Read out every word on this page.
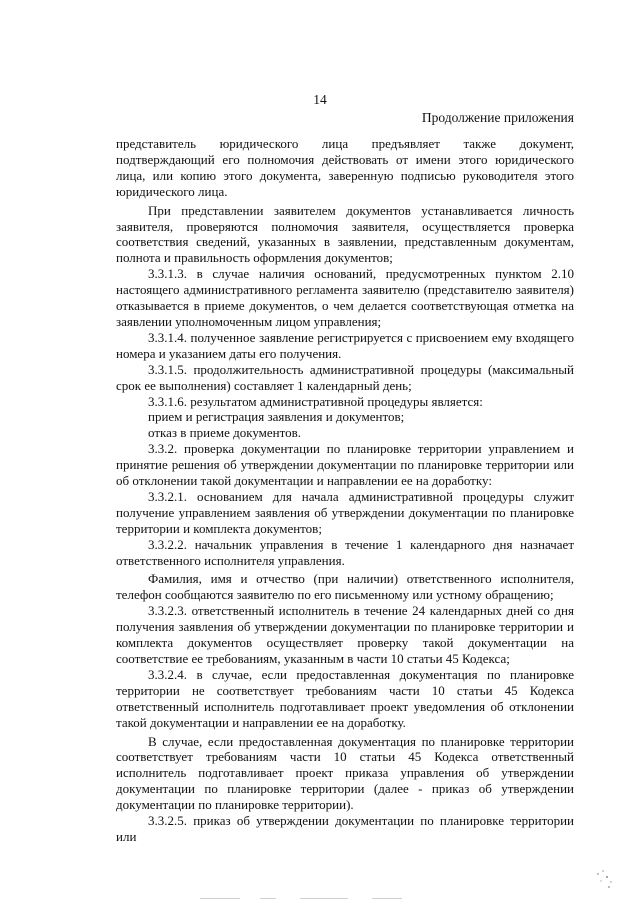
14
Продолжение приложения

представитель юридического лица предъявляет также документ, подтверждающий его полномочия действовать от имени этого юридического лица, или копию этого документа, заверенную подписью руководителя этого юридического лица.

При представлении заявителем документов устанавливается личность заявителя, проверяются полномочия заявителя, осуществляется проверка соответствия сведений, указанных в заявлении, представленным документам, полнота и правильность оформления документов;

3.3.1.3. в случае наличия оснований, предусмотренных пунктом 2.10 настоящего административного регламента заявителю (представителю заявителя) отказывается в приеме документов, о чем делается соответствующая отметка на заявлении уполномоченным лицом управления;

3.3.1.4. полученное заявление регистрируется с присвоением ему входящего номера и указанием даты его получения.

3.3.1.5. продолжительность административной процедуры (максимальный срок ее выполнения) составляет 1 календарный день;

3.3.1.6. результатом административной процедуры является:

прием и регистрация заявления и документов;

отказ в приеме документов.

3.3.2. проверка документации по планировке территории управлением и принятие решения об утверждении документации по планировке территории или об отклонении такой документации и направлении ее на доработку:

3.3.2.1. основанием для начала административной процедуры служит получение управлением заявления об утверждении документации по планировке территории и комплекта документов;

3.3.2.2. начальник управления в течение 1 календарного дня назначает ответственного исполнителя управления.

Фамилия, имя и отчество (при наличии) ответственного исполнителя, телефон сообщаются заявителю по его письменному или устному обращению;

3.3.2.3. ответственный исполнитель в течение 24 календарных дней со дня получения заявления об утверждении документации по планировке территории и комплекта документов осуществляет проверку такой документации на соответствие ее требованиям, указанным в части 10 статьи 45 Кодекса;

3.3.2.4. в случае, если предоставленная документация по планировке территории не соответствует требованиям части 10 статьи 45 Кодекса ответственный исполнитель подготавливает проект уведомления об отклонении такой документации и направлении ее на доработку.

В случае, если предоставленная документация по планировке территории соответствует требованиям части 10 статьи 45 Кодекса ответственный исполнитель подготавливает проект приказа управления об утверждении документации по планировке территории (далее - приказ об утверждении документации по планировке территории).

3.3.2.5. приказ об утверждении документации по планировке территории или
